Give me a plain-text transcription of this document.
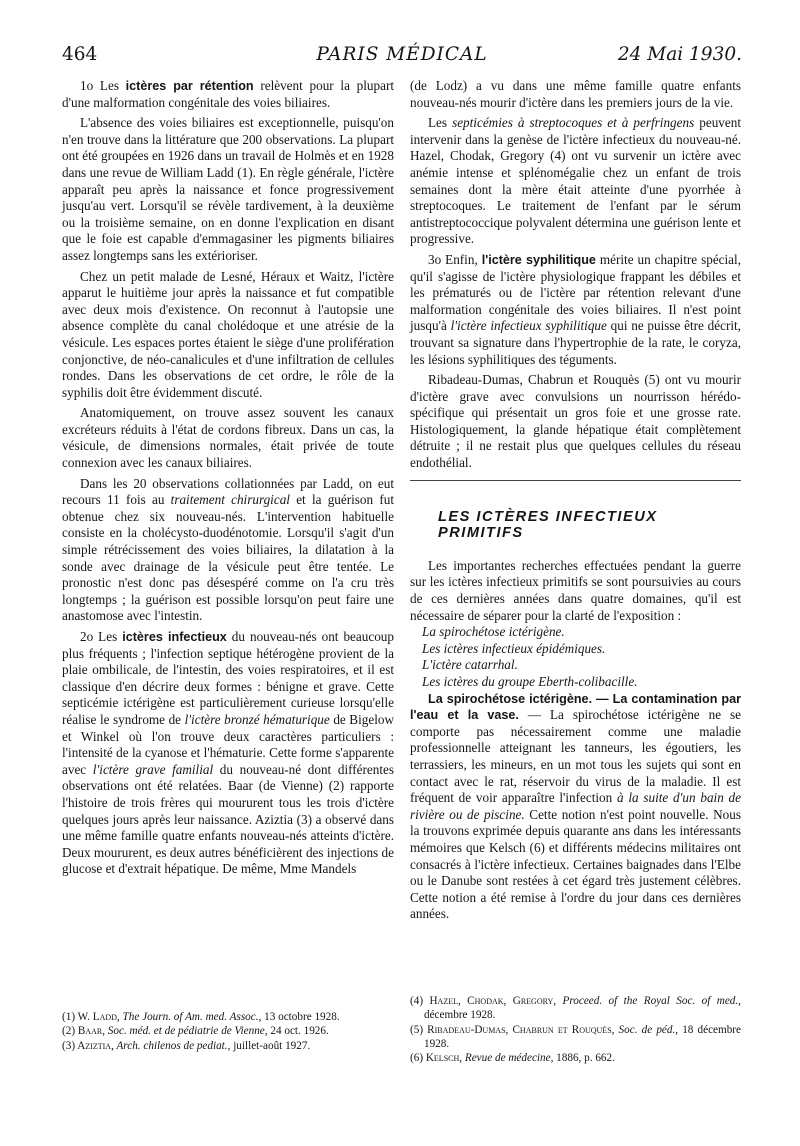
464	PARIS MÉDICAL	24 Mai 1930.

1o Les ictères par rétention relèvent pour la plupart d'une malformation congénitale des voies biliaires.

L'absence des voies biliaires est exceptionnelle, puisqu'on n'en trouve dans la littérature que 200 observations. La plupart ont été groupées en 1926 dans un travail de Holmès et en 1928 dans une revue de William Ladd (1). En règle générale, l'ictère apparaît peu après la naissance et fonce progressivement jusqu'au vert. Lorsqu'il se révèle tardivement, à la deuxième ou la troisième semaine, on en donne l'explication en disant que le foie est capable d'emmagasiner les pigments biliaires assez longtemps sans les extérioriser.

Chez un petit malade de Lesné, Héraux et Waitz, l'ictère apparut le huitième jour après la naissance et fut compatible avec deux mois d'existence. On reconnut à l'autopsie une absence complète du canal cholédoque et une atrésie de la vésicule. Les espaces portes étaient le siège d'une prolifération conjonctive, de néo-canalicules et d'une infiltration de cellules rondes. Dans les observations de cet ordre, le rôle de la syphilis doit être évidemment discuté.

Anatomiquement, on trouve assez souvent les canaux excréteurs réduits à l'état de cordons fibreux. Dans un cas, la vésicule, de dimensions normales, était privée de toute connexion avec les canaux biliaires.

Dans les 20 observations collationnées par Ladd, on eut recours 11 fois au traitement chirurgical et la guérison fut obtenue chez six nouveau-nés. L'intervention habituelle consiste en la cholécysto-duodénotomie. Lorsqu'il s'agit d'un simple rétrécissement des voies biliaires, la dilatation à la sonde avec drainage de la vésicule peut être tentée. Le pronostic n'est donc pas désespéré comme on l'a cru très longtemps ; la guérison est possible lorsqu'on peut faire une anastomose avec l'intestin.

2o Les ictères infectieux du nouveau-nés ont beaucoup plus fréquents ; l'infection septique hétérogène provient de la plaie ombilicale, de l'intestin, des voies respiratoires, et il est classique d'en décrire deux formes : bénigne et grave. Cette septicémie ictérigène est particulièrement curieuse lorsqu'elle réalise le syndrome de l'ictère bronzé hématurique de Bigelow et Winkel où l'on trouve deux caractères particuliers : l'intensité de la cyanose et l'hématurie. Cette forme s'apparente avec l'ictère grave familial du nouveau-né dont différentes observations ont été relatées. Baar (de Vienne) (2) rapporte l'histoire de trois frères qui moururent tous les trois d'ictère quelques jours après leur naissance. Aziztia (3) a observé dans une même famille quatre enfants nouveau-nés atteints d'ictère. Deux moururent, es deux autres bénéficièrent des injections de glucose et d'extrait hépatique. De même, Mme Mandels

(de Lodz) a vu dans une même famille quatre enfants nouveau-nés mourir d'ictère dans les premiers jours de la vie.

Les septicémies à streptocoques et à perfringens peuvent intervenir dans la genèse de l'ictère infectieux du nouveau-né. Hazel, Chodak, Gregory (4) ont vu survenir un ictère avec anémie intense et splénomégalie chez un enfant de trois semaines dont la mère était atteinte d'une pyorrhée à streptocoques. Le traitement de l'enfant par le sérum antistreptococcique polyvalent détermina une guérison lente et progressive.

3o Enfin, l'ictère syphilitique mérite un chapitre spécial, qu'il s'agisse de l'ictère physiologique frappant les débiles et les prématurés ou de l'ictère par rétention relevant d'une malformation congénitale des voies biliaires. Il n'est point jusqu'à l'ictère infectieux syphilitique qui ne puisse être décrit, trouvant sa signature dans l'hypertrophie de la rate, le coryza, les lésions syphilitiques des téguments.

Ribadeau-Dumas, Chabrun et Rouquès (5) ont vu mourir d'ictère grave avec convulsions un nourrisson hérédo-spécifique qui présentait un gros foie et une grosse rate. Histologiquement, la glande hépatique était complètement détruite ; il ne restait plus que quelques cellules du réseau endothélial.

LES ICTÈRES INFECTIEUX PRIMITIFS

Les importantes recherches effectuées pendant la guerre sur les ictères infectieux primitifs se sont poursuivies au cours de ces dernières années dans quatre domaines, qu'il est nécessaire de séparer pour la clarté de l'exposition :

La spirochétose ictérigène.

Les ictères infectieux épidémiques.

L'ictère catarrhal.

Les ictères du groupe Eberth-colibacille.

La spirochétose ictérigène. — La contamination par l'eau et la vase. — La spirochétose ictérigène ne se comporte pas nécessairement comme une maladie professionnelle atteignant les tanneurs, les égoutiers, les terrassiers, les mineurs, en un mot tous les sujets qui sont en contact avec le rat, réservoir du virus de la maladie. Il est fréquent de voir apparaître l'infection à la suite d'un bain de rivière ou de piscine. Cette notion n'est point nouvelle. Nous la trouvons exprimée depuis quarante ans dans les intéressants mémoires que Kelsch (6) et différents médecins militaires ont consacrés à l'ictère infectieux. Certaines baignades dans l'Elbe ou le Danube sont restées à cet égard très justement célèbres. Cette notion a été remise à l'ordre du jour dans ces dernières années.

(1) W. Ladd, The Journ. of Am. med. Assoc., 13 octobre 1928.

(2) Baar, Soc. méd. et de pédiatrie de Vienne, 24 oct. 1926.

(3) Aziztia, Arch. chilenos de pediat., juillet-août 1927.

(4) Hazel, Chodak, Gregory, Proceed. of the Royal Soc. of med., décembre 1928.

(5) Ribadeau-Dumas, Chabrun et Rouquès, Soc. de péd., 18 décembre 1928.

(6) Kelsch, Revue de médecine, 1886, p. 662.
